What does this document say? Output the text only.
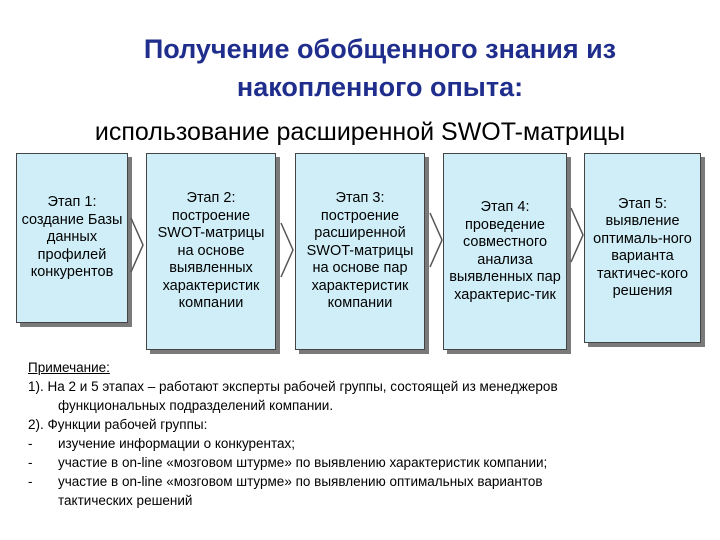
Получение обобщенного знания из
накопленного опыта:
использование расширенной SWOT-матрицы
Этап 1:
создание Базы данных профилей конкурентов
Этап 2:
построение SWOT-матрицы на основе выявленных характеристик компании
Этап 3:
построение расширенной SWOT-матрицы на основе пар характеристик компании
Этап 4:
проведение совместного анализа выявленных пар характерис-тик
Этап 5:
выявление оптималь-ного варианта тактичес-кого решения
Примечание:
1). На 2 и 5 этапах – работают эксперты рабочей группы, состоящей из менеджеров
функциональных подразделений компании.
2). Функции рабочей группы:
-	изучение информации о конкурентах;
-	участие в on-line «мозговом штурме» по выявлению характеристик компании;
-	участие в on-line «мозговом штурме» по выявлению оптимальных вариантов
тактических решений
